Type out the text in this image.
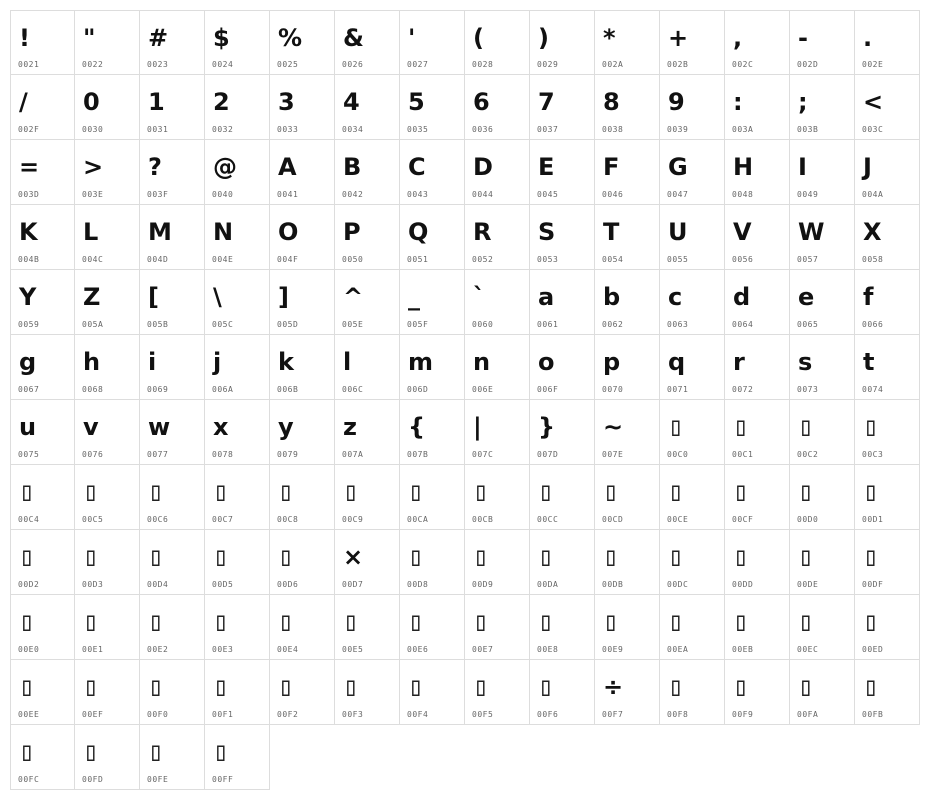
!
0021
"
0022
#
0023
$
0024
%
0025
&
0026
'
0027
(
0028
)
0029
*
002A
+
002B
,
002C
-
002D
.
002E
/
002F
0
0030
1
0031
2
0032
3
0033
4
0034
5
0035
6
0036
7
0037
8
0038
9
0039
:
003A
;
003B
<
003C
=
003D
>
003E
?
003F
@
0040
A
0041
B
0042
C
0043
D
0044
E
0045
F
0046
G
0047
H
0048
I
0049
J
004A
K
004B
L
004C
M
004D
N
004E
O
004F
P
0050
Q
0051
R
0052
S
0053
T
0054
U
0055
V
0056
W
0057
X
0058
Y
0059
Z
005A
[
005B
\
005C
]
005D
^
005E
_
005F
`
0060
a
0061
b
0062
c
0063
d
0064
e
0065
f
0066
g
0067
h
0068
i
0069
j
006A
k
006B
l
006C
m
006D
n
006E
o
006F
p
0070
q
0071
r
0072
s
0073
t
0074
u
0075
v
0076
w
0077
x
0078
y
0079
z
007A
{
007B
|
007C
}
007D
~
007E
▯
00C0
▯
00C1
▯
00C2
▯
00C3
▯
00C4
▯
00C5
▯
00C6
▯
00C7
▯
00C8
▯
00C9
▯
00CA
▯
00CB
▯
00CC
▯
00CD
▯
00CE
▯
00CF
▯
00D0
▯
00D1
▯
00D2
▯
00D3
▯
00D4
▯
00D5
▯
00D6
×
00D7
▯
00D8
▯
00D9
▯
00DA
▯
00DB
▯
00DC
▯
00DD
▯
00DE
▯
00DF
▯
00E0
▯
00E1
▯
00E2
▯
00E3
▯
00E4
▯
00E5
▯
00E6
▯
00E7
▯
00E8
▯
00E9
▯
00EA
▯
00EB
▯
00EC
▯
00ED
▯
00EE
▯
00EF
▯
00F0
▯
00F1
▯
00F2
▯
00F3
▯
00F4
▯
00F5
▯
00F6
÷
00F7
▯
00F8
▯
00F9
▯
00FA
▯
00FB
▯
00FC
▯
00FD
▯
00FE
▯
00FF
